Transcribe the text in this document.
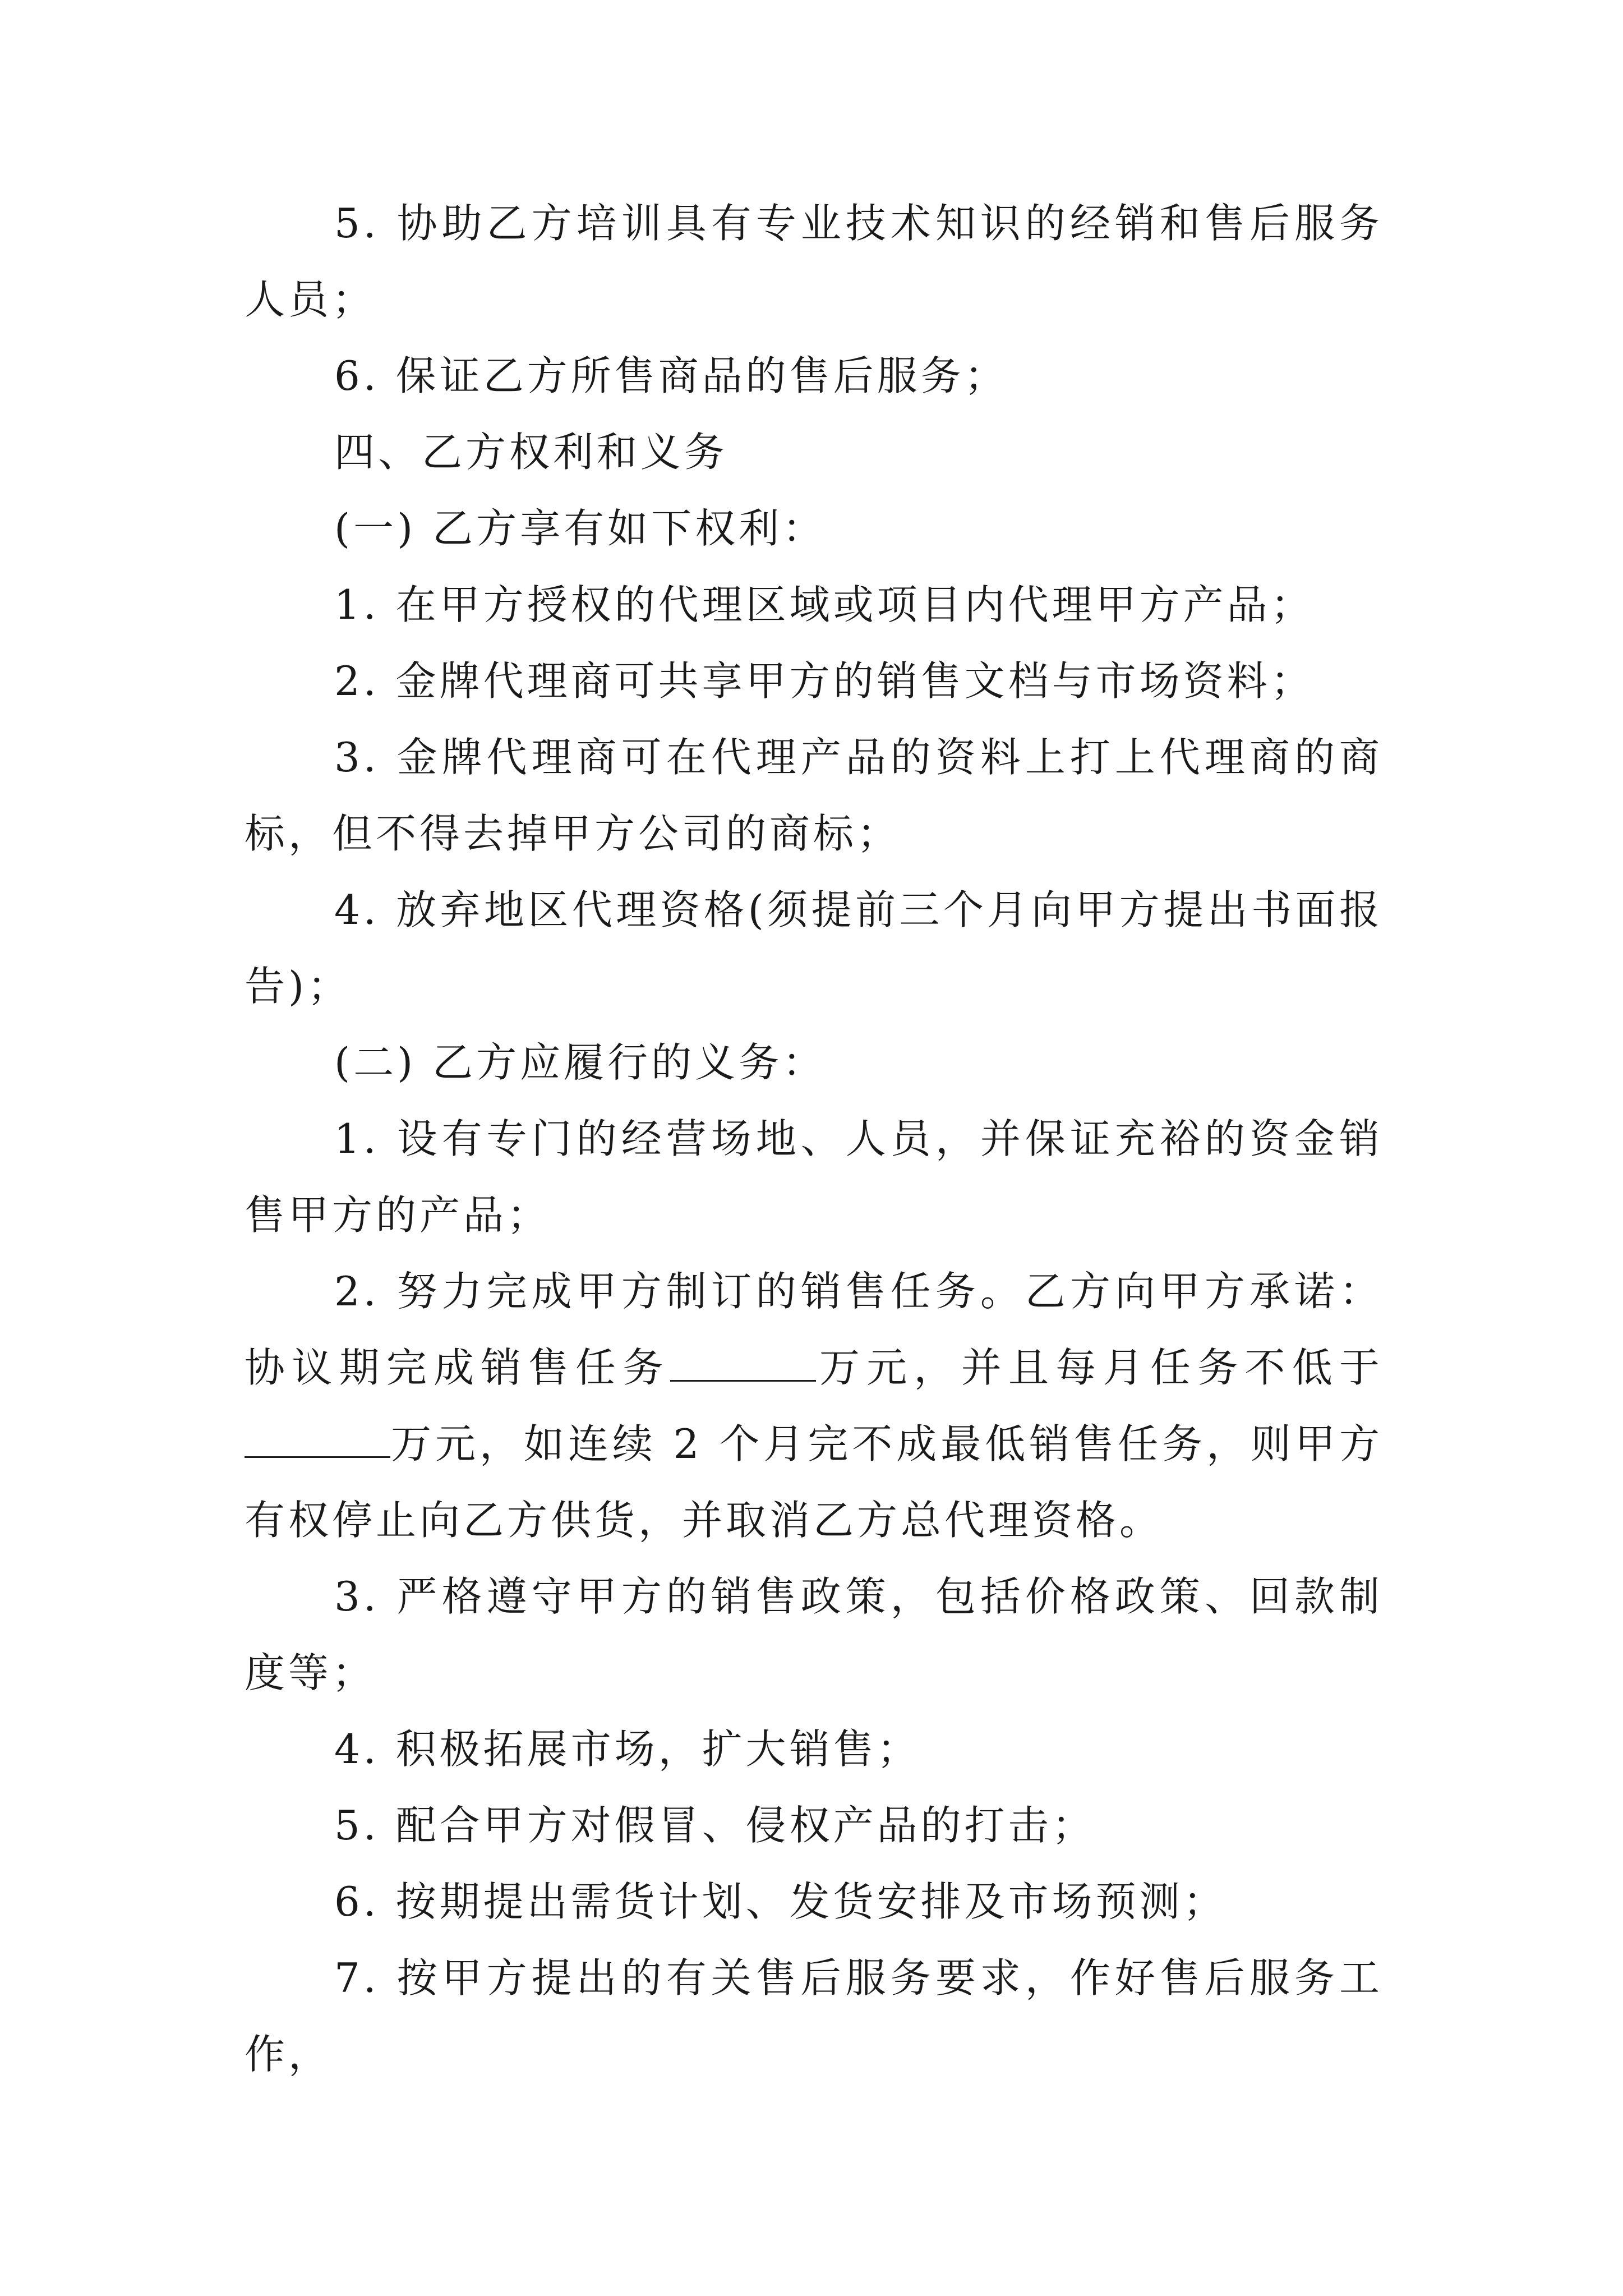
5. 协助乙方培训具有专业技术知识的经销和售后服务人员；

6. 保证乙方所售商品的售后服务；

四、乙方权利和义务

(一) 乙方享有如下权利：

1. 在甲方授权的代理区域或项目内代理甲方产品；

2. 金牌代理商可共享甲方的销售文档与市场资料；

3. 金牌代理商可在代理产品的资料上打上代理商的商标，但不得去掉甲方公司的商标；

4. 放弃地区代理资格(须提前三个月向甲方提出书面报告)；

(二) 乙方应履行的义务：

1. 设有专门的经营场地、人员，并保证充裕的资金销售甲方的产品；

2. 努力完成甲方制订的销售任务。乙方向甲方承诺：协议期完成销售任务	万元，并且每月任务不低于万元，如连续 2 个月完不成最低销售任务，则甲方有权停止向乙方供货，并取消乙方总代理资格。

3. 严格遵守甲方的销售政策，包括价格政策、回款制度等；

4. 积极拓展市场，扩大销售；

5. 配合甲方对假冒、侵权产品的打击；

6. 按期提出需货计划、发货安排及市场预测；

7. 按甲方提出的有关售后服务要求，作好售后服务工作，
